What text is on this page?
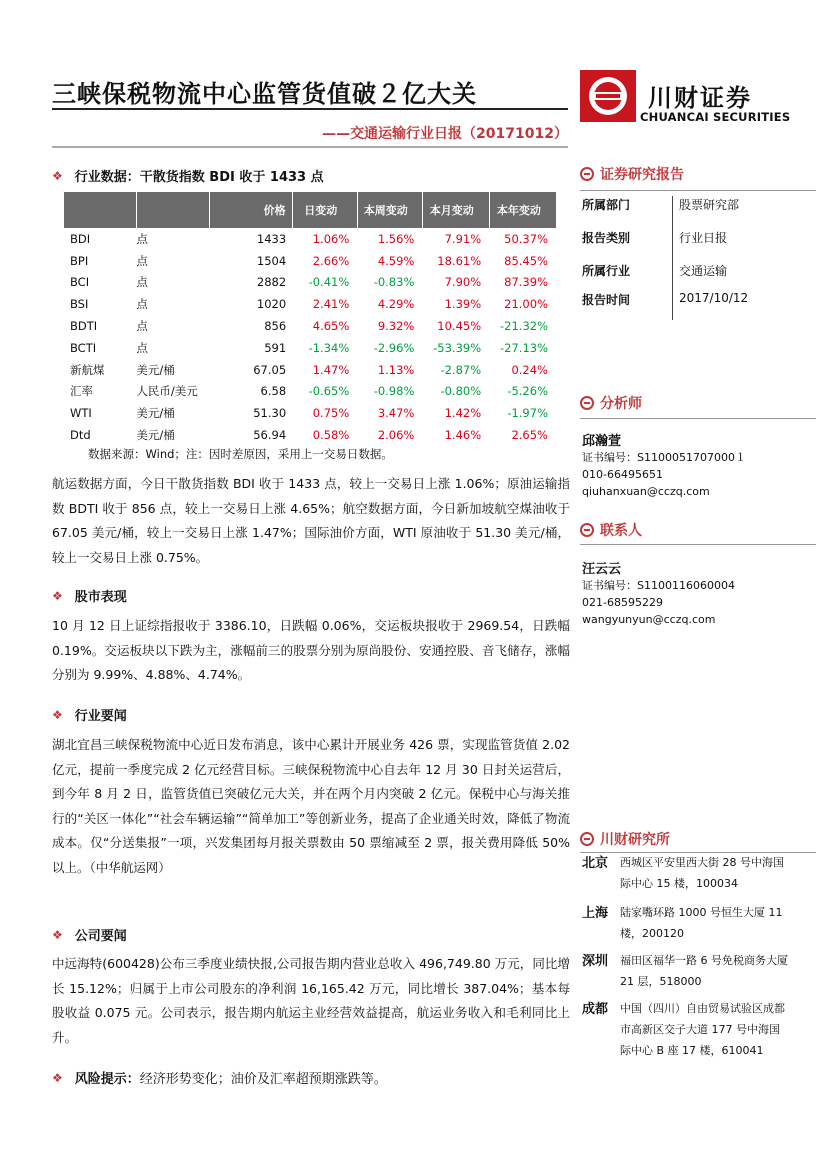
三峡保税物流中心监管货值破２亿大关
——交通运输行业日报（20171012）
川财证券
CHUANCAI SECURITIES
❖ 行业数据： 干散货指数 BDI 收于 1433 点
		价格	日变动	本周变动	本月变动	本年变动
BDI	点	1433	1.06%	1.56%	7.91%	50.37%
BPI	点	1504	2.66%	4.59%	18.61%	85.45%
BCI	点	2882	-0.41%	-0.83%	7.90%	87.39%
BSI	点	1020	2.41%	4.29%	1.39%	21.00%
BDTI	点	856	4.65%	9.32%	10.45%	-21.32%
BCTI	点	591	-1.34%	-2.96%	-53.39%	-27.13%
新航煤	美元/桶	67.05	1.47%	1.13%	-2.87%	0.24%
汇率	人民币/美元	6.58	-0.65%	-0.98%	-0.80%	-5.26%
WTI	美元/桶	51.30	0.75%	3.47%	1.42%	-1.97%
Dtd	美元/桶	56.94	0.58%	2.06%	1.46%	2.65%
数据来源：Wind；注：因时差原因，采用上一交易日数据。
航运数据方面，今日干散货指数 BDI 收于 1433 点，较上一交易日上涨 1.06%；原油运输指数 BDTI 收于 856 点，较上一交易日上涨 4.65%；航空数据方面，今日新加坡航空煤油收于 67.05 美元/桶，较上一交易日上涨 1.47%；国际油价方面，WTI 原油收于 51.30 美元/桶，较上一交易日上涨 0.75%。
❖ 股市表现
10 月 12 日上证综指报收于 3386.10，日跌幅 0.06%，交运板块报收于 2969.54，日跌幅 0.19%。交运板块以下跌为主，涨幅前三的股票分别为原尚股份、安通控股、音飞储存，涨幅分别为 9.99%、4.88%、4.74%。
❖ 行业要闻
湖北宜昌三峡保税物流中心近日发布消息，该中心累计开展业务 426 票，实现监管货值 2.02 亿元，提前一季度完成 2 亿元经营目标。三峡保税物流中心自去年 12 月 30 日封关运营后，到今年 8 月 2 日，监管货值已突破亿元大关，并在两个月内突破 2 亿元。保税中心与海关推行的“关区一体化”“社会车辆运输”“简单加工”等创新业务，提高了企业通关时效，降低了物流成本。仅“分送集报”一项，兴发集团每月报关票数由 50 票缩减至 2 票，报关费用降低 50%以上。（中华航运网）
❖ 公司要闻
中远海特(600428)公布三季度业绩快报,公司报告期内营业总收入 496,749.80 万元，同比增长 15.12%；归属于上市公司股东的净利润 16,165.42 万元，同比增长 387.04%；基本每股收益 0.075 元。公司表示，报告期内航运主业经营效益提高，航运业务收入和毛利同比上升。
❖ 风险提示： 经济形势变化；油价及汇率超预期涨跌等。
证券研究报告
所属部门	股票研究部
报告类别	行业日报
所属行业	交通运输
报告时间	2017/10/12
分析师
邱瀚萱
证书编号：S1100051707000１
010-66495651
qiuhanxuan@cczq.com
联系人
汪云云
证书编号：S1100116060004
021-68595229
wangyunyun@cczq.com
川财研究所
北京	西城区平安里西大街 28 号中海国际中心 15 楼，100034
上海	陆家嘴环路 1000 号恒生大厦 11 楼，200120
深圳	福田区福华一路 6 号免税商务大厦 21 层，518000
成都	中国（四川）自由贸易试验区成都市高新区交子大道 177 号中海国际中心 B 座 17 楼，610041
